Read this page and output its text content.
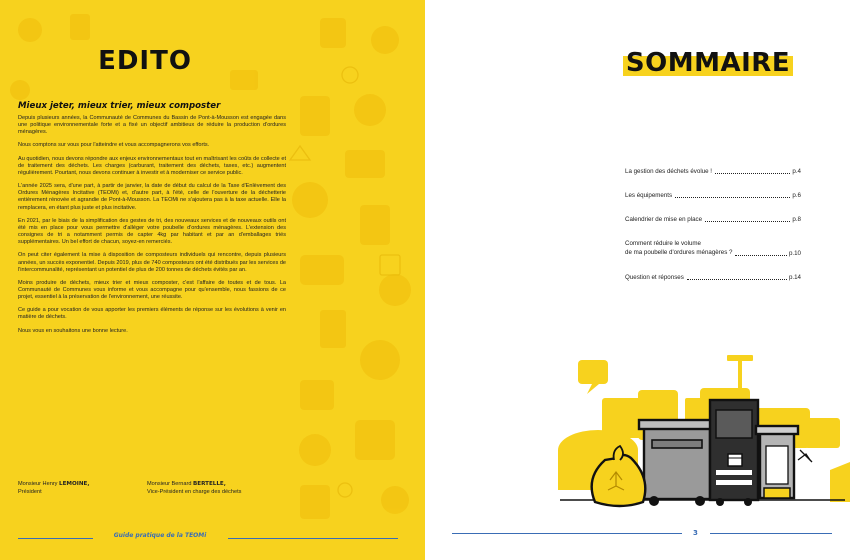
EDITO

Mieux jeter, mieux trier, mieux composter

Depuis plusieurs années, la Communauté de Communes du Bassin de Pont-à-Mousson est engagée dans une politique environnementale forte et a fixé un objectif ambitieux de réduire la production d'ordures ménagères.

Nous comptons sur vous pour l'atteindre et vous accompagnerons vos efforts.

Au quotidien, nous devons répondre aux enjeux environnementaux tout en maîtrisant les coûts de collecte et de traitement des déchets. Les charges (carburant, traitement des déchets, taxes, etc.) augmentent régulièrement. Pourtant, nous devons continuer à investir et à moderniser ce service public.

L'année 2025 sera, d'une part, à partir de janvier, la date de début du calcul de la Taxe d'Enlèvement des Ordures Ménagères Incitative (TEOMi) et, d'autre part, à l'été, celle de l'ouverture de la déchetterie entièrement rénovée et agrandie de Pont-à-Mousson. La TEOMi ne s'ajoutera pas à la taxe actuelle. Elle la remplacera, en étant plus juste et plus incitative.

En 2021, par le biais de la simplification des gestes de tri, des nouveaux services et de nouveaux outils ont été mis en place pour vous permettre d'alléger votre poubelle d'ordures ménagères. L'extension des consignes de tri a notamment permis de capter 4kg par habitant et par an d'emballages triés supplémentaires. Un bel effort de chacun, soyez-en remerciés.

On peut citer également la mise à disposition de composteurs individuels qui rencontre, depuis plusieurs années, un succès exponentiel. Depuis 2019, plus de 740 composteurs ont été distribués par les services de l'intercommunalité, représentant un potentiel de plus de 200 tonnes de déchets évités par an.

Moins produire de déchets, mieux trier et mieux composter, c'est l'affaire de toutes et de tous. La Communauté de Communes vous informe et vous accompagne pour qu'ensemble, nous fassions de ce projet, essentiel à la préservation de l'environnement, une réussite.

Ce guide a pour vocation de vous apporter les premiers éléments de réponse sur les évolutions à venir en matière de déchets.

Nous vous en souhaitons une bonne lecture.

Monsieur Henry LEMOINE,
Président
Monsieur Bernard BERTELLE,
Vice-Président en charge des déchets
Guide pratique de la TEOMi
SOMMAIRE
La gestion des déchets évolue !	p.4
Les équipements	p.6
Calendrier de mise en place	p.8
Comment réduire le volume
de ma poubelle d'ordures ménagères ?	p.10
Question et réponses	p.14
3
